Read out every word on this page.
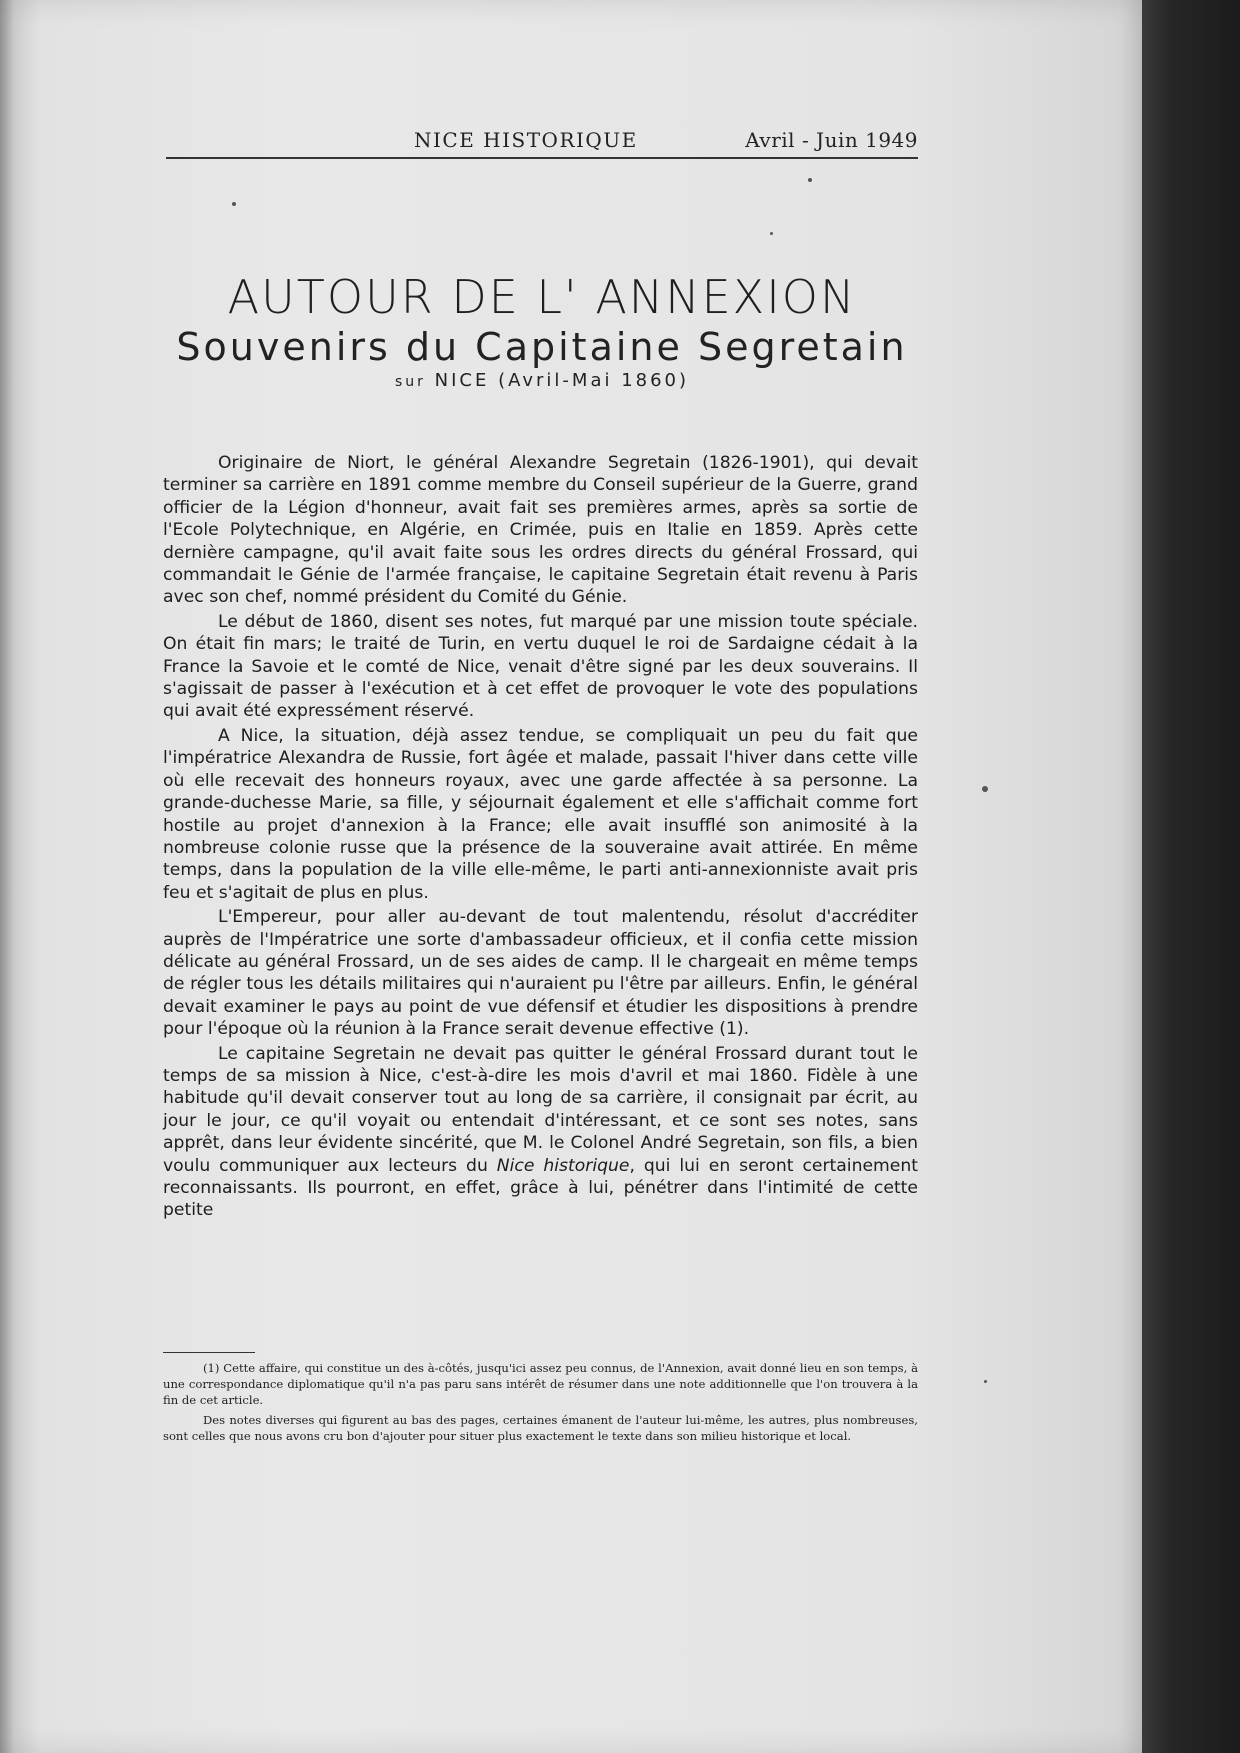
NICE HISTORIQUE	Avril - Juin 1949
AUTOUR DE L' ANNEXION
Souvenirs du Capitaine Segretain
sur NICE (Avril-Mai 1860)

Originaire de Niort, le général Alexandre Segretain (1826-1901), qui devait terminer sa carrière en 1891 comme membre du Conseil supérieur de la Guerre, grand officier de la Légion d'honneur, avait fait ses premières armes, après sa sortie de l'Ecole Polytechnique, en Algérie, en Crimée, puis en Italie en 1859. Après cette dernière campagne, qu'il avait faite sous les ordres directs du général Frossard, qui commandait le Génie de l'armée française, le capitaine Segretain était revenu à Paris avec son chef, nommé président du Comité du Génie.

Le début de 1860, disent ses notes, fut marqué par une mission toute spéciale. On était fin mars; le traité de Turin, en vertu duquel le roi de Sardaigne cédait à la France la Savoie et le comté de Nice, venait d'être signé par les deux souverains. Il s'agissait de passer à l'exécution et à cet effet de provoquer le vote des populations qui avait été expressément réservé.

A Nice, la situation, déjà assez tendue, se compliquait un peu du fait que l'impératrice Alexandra de Russie, fort âgée et malade, passait l'hiver dans cette ville où elle recevait des honneurs royaux, avec une garde affectée à sa personne. La grande-duchesse Marie, sa fille, y séjournait également et elle s'affichait comme fort hostile au projet d'annexion à la France; elle avait insufflé son animosité à la nombreuse colonie russe que la présence de la souveraine avait attirée. En même temps, dans la population de la ville elle-même, le parti anti-annexionniste avait pris feu et s'agitait de plus en plus.

L'Empereur, pour aller au-devant de tout malentendu, résolut d'accréditer auprès de l'Impératrice une sorte d'ambassadeur officieux, et il confia cette mission délicate au général Frossard, un de ses aides de camp. Il le chargeait en même temps de régler tous les détails militaires qui n'auraient pu l'être par ailleurs. Enfin, le général devait examiner le pays au point de vue défensif et étudier les dispositions à prendre pour l'époque où la réunion à la France serait devenue effective (1).

Le capitaine Segretain ne devait pas quitter le général Frossard durant tout le temps de sa mission à Nice, c'est-à-dire les mois d'avril et mai 1860. Fidèle à une habitude qu'il devait conserver tout au long de sa carrière, il consignait par écrit, au jour le jour, ce qu'il voyait ou entendait d'intéressant, et ce sont ses notes, sans apprêt, dans leur évidente sincérité, que M. le Colonel André Segretain, son fils, a bien voulu communiquer aux lecteurs du Nice historique, qui lui en seront certainement reconnaissants. Ils pourront, en effet, grâce à lui, pénétrer dans l'intimité de cette petite

(1) Cette affaire, qui constitue un des à-côtés, jusqu'ici assez peu connus, de l'Annexion, avait donné lieu en son temps, à une correspondance diplomatique qu'il n'a pas paru sans intérêt de résumer dans une note additionnelle que l'on trouvera à la fin de cet article.

Des notes diverses qui figurent au bas des pages, certaines émanent de l'auteur lui-même, les autres, plus nombreuses, sont celles que nous avons cru bon d'ajouter pour situer plus exactement le texte dans son milieu historique et local.
